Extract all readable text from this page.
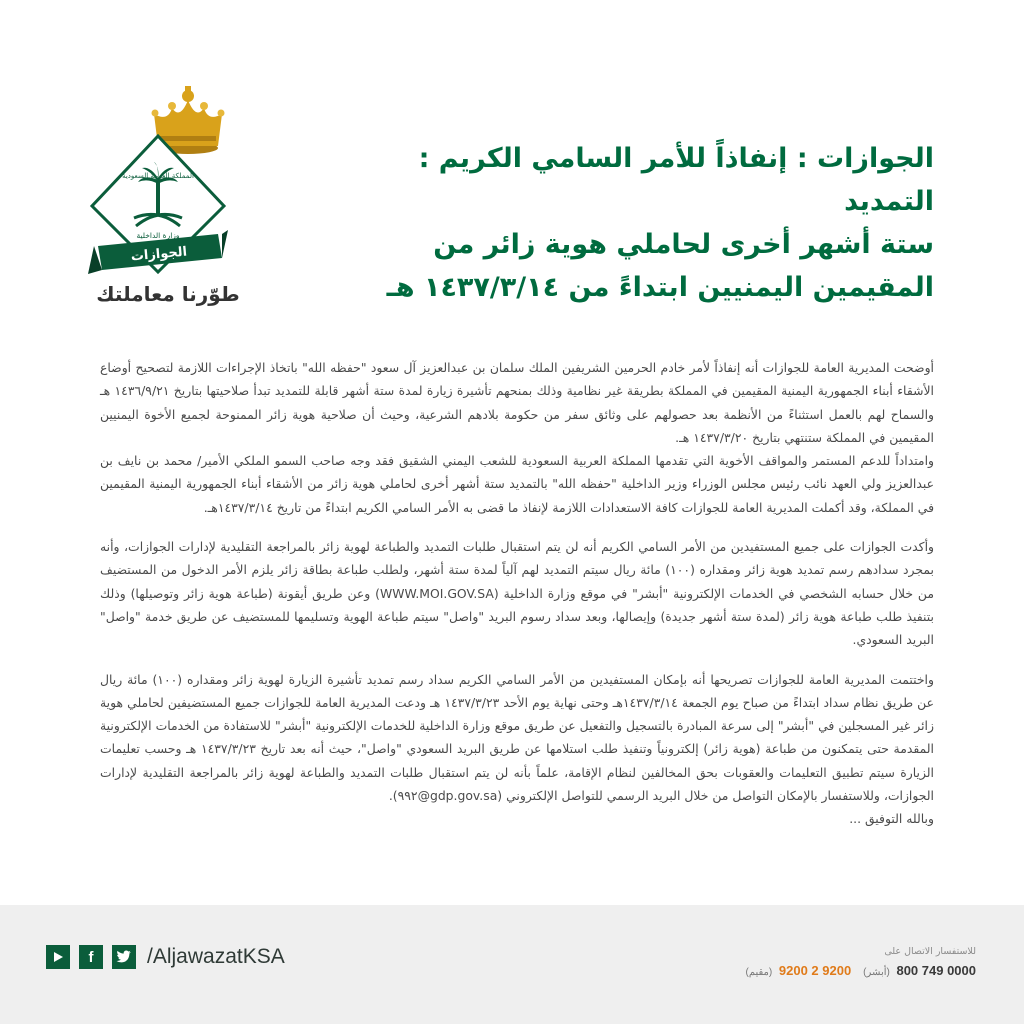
المملكة العربية السعودية
وزارة الداخلية
الجوازات
طوّرنا معاملتك
الجوازات : إنفاذاً للأمر السامي الكريم : التمديد
ستة أشهر أخرى لحاملي هوية زائر من
المقيمين اليمنيين ابتداءً من ١٤٣٧/٣/١٤ هـ

أوضحت المديرية العامة للجوازات أنه إنفاذاً لأمر خادم الحرمين الشريفين الملك سلمان بن عبدالعزيز آل سعود "حفظه الله" باتخاذ الإجراءات اللازمة لتصحيح أوضاع الأشقاء أبناء الجمهورية اليمنية المقيمين في المملكة بطريقة غير نظامية وذلك بمنحهم تأشيرة زيارة لمدة ستة أشهر قابلة للتمديد تبدأ صلاحيتها بتاريخ ١٤٣٦/٩/٢١ هـ والسماح لهم بالعمل استثناءً من الأنظمة بعد حصولهم على وثائق سفر من حكومة بلادهم الشرعية، وحيث أن صلاحية هوية زائر الممنوحة لجميع الأخوة اليمنيين المقيمين في المملكة ستنتهي بتاريخ ١٤٣٧/٣/٢٠ هـ.

وامتداداً للدعم المستمر والمواقف الأخوية التي تقدمها المملكة العربية السعودية للشعب اليمني الشقيق فقد وجه صاحب السمو الملكي الأمير/ محمد بن نايف بن عبدالعزيز ولي العهد نائب رئيس مجلس الوزراء وزير الداخلية "حفظه الله" بالتمديد ستة أشهر أخرى لحاملي هوية زائر من الأشقاء أبناء الجمهورية اليمنية المقيمين في المملكة، وقد أكملت المديرية العامة للجوازات كافة الاستعدادات اللازمة لإنفاذ ما قضى به الأمر السامي الكريم ابتداءً من تاريخ ١٤٣٧/٣/١٤هـ.

وأكدت الجوازات على جميع المستفيدين من الأمر السامي الكريم أنه لن يتم استقبال طلبات التمديد والطباعة لهوية زائر بالمراجعة التقليدية لإدارات الجوازات، وأنه بمجرد سدادهم رسم تمديد هوية زائر ومقداره (١٠٠) مائة ريال سيتم التمديد لهم آلياً لمدة ستة أشهر، ولطلب طباعة بطاقة زائر يلزم الأمر الدخول من المستضيف من خلال حسابه الشخصي في الخدمات الإلكترونية "أبشر" في موقع وزارة الداخلية (WWW.MOI.GOV.SA) وعن طريق أيقونة (طباعة هوية زائر وتوصيلها) وذلك بتنفيذ طلب طباعة هوية زائر (لمدة ستة أشهر جديدة) وإيصالها، وبعد سداد رسوم البريد "واصل" سيتم طباعة الهوية وتسليمها للمستضيف عن طريق خدمة "واصل" البريد السعودي.

واختتمت المديرية العامة للجوازات تصريحها أنه بإمكان المستفيدين من الأمر السامي الكريم سداد رسم تمديد تأشيرة الزيارة لهوية زائر ومقداره (١٠٠) مائة ريال عن طريق نظام سداد ابتداءً من صباح يوم الجمعة ١٤٣٧/٣/١٤هـ وحتى نهاية يوم الأحد ١٤٣٧/٣/٢٣ هـ ودعت المديرية العامة للجوازات جميع المستضيفين لحاملي هوية زائر غير المسجلين في "أبشر" إلى سرعة المبادرة بالتسجيل والتفعيل عن طريق موقع وزارة الداخلية للخدمات الإلكترونية "أبشر" للاستفادة من الخدمات الإلكترونية المقدمة حتى يتمكنون من طباعة (هوية زائر) إلكترونياً وتنفيذ طلب استلامها عن طريق البريد السعودي "واصل"، حيث أنه بعد تاريخ ١٤٣٧/٣/٢٣ هـ وحسب تعليمات الزيارة سيتم تطبيق التعليمات والعقوبات بحق المخالفين لنظام الإقامة، علماً بأنه لن يتم استقبال طلبات التمديد والطباعة لهوية زائر بالمراجعة التقليدية لإدارات الجوازات، وللاستفسار بالإمكان التواصل من خلال البريد الرسمي للتواصل الإلكتروني (gdp.gov.sa@٩٩٢).

وبالله التوفيق ...

f	/AljawazatKSA	للاستفسار الاتصال على
800 749 0000 (أبشر)
9200 2 9200 (مقيم)
